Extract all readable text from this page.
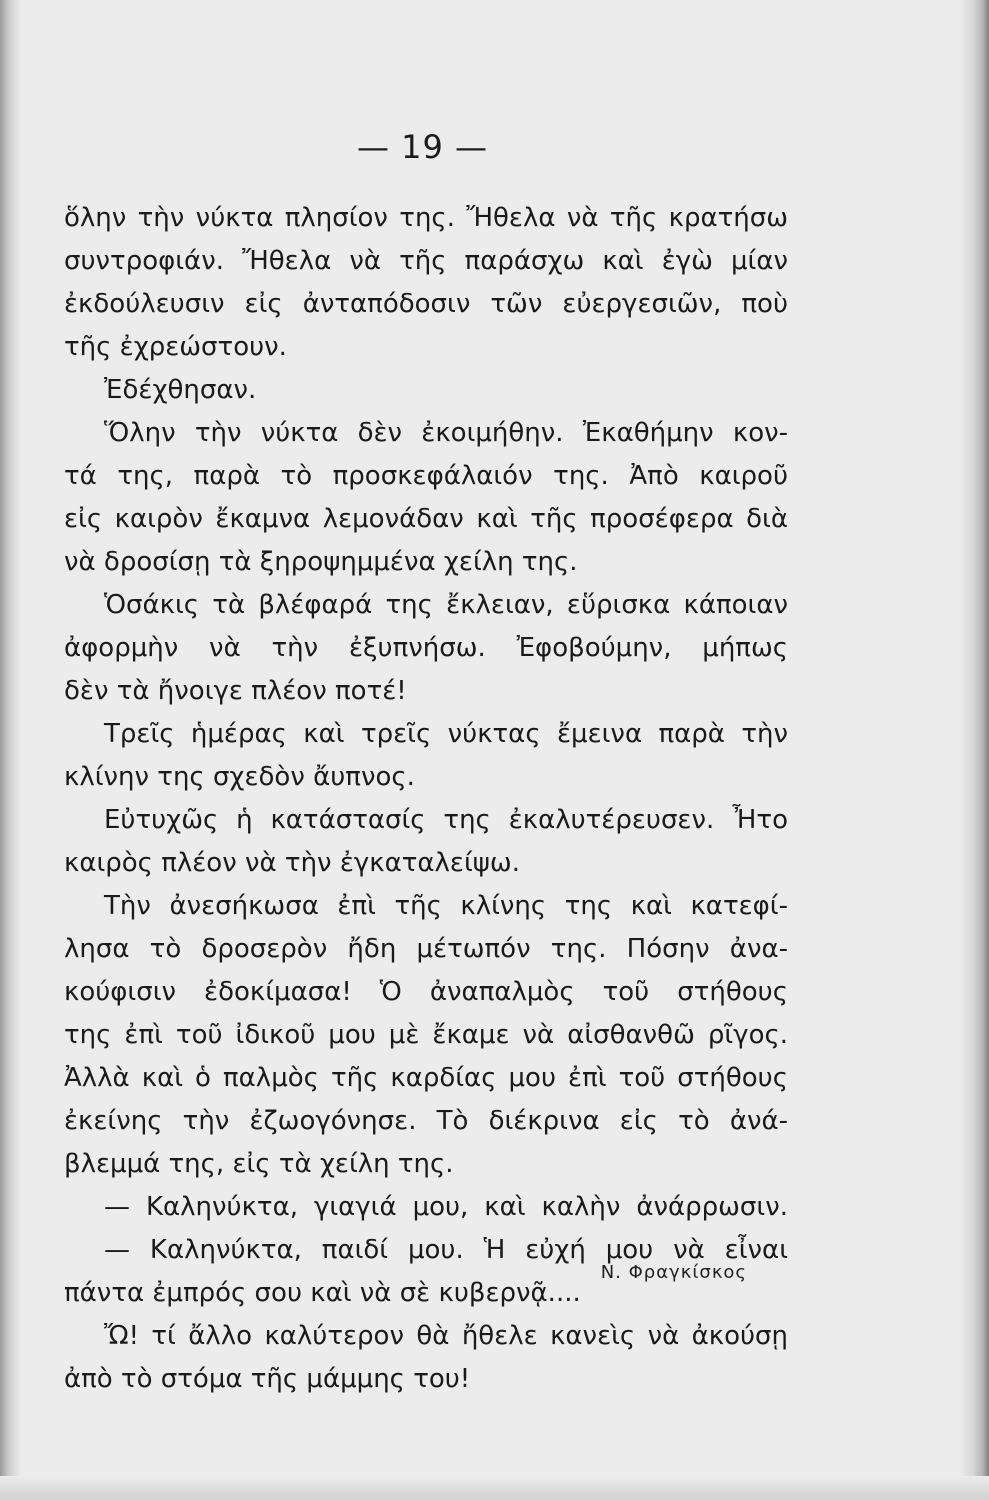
— 19 —
ὅλην τὴν νύκτα πλησίον της. Ἤθελα νὰ τῆς κρατήσω
συντροφιάν. Ἤθελα νὰ τῆς παράσχω καὶ ἐγὼ μίαν
ἐκδούλευσιν εἰς ἀνταπόδοσιν τῶν εὐεργεσιῶν, ποὺ
τῆς ἐχρεώστουν.
Ἐδέχθησαν.
Ὅλην τὴν νύκτα δὲν ἐκοιμήθην. Ἐκαθήμην κον-
τά της, παρὰ τὸ προσκεφάλαιόν της. Ἀπὸ καιροῦ
εἰς καιρὸν ἔκαμνα λεμονάδαν καὶ τῆς προσέφερα διὰ
νὰ δροσίσῃ τὰ ξηροψημμένα χείλη της.
Ὁσάκις τὰ βλέφαρά της ἔκλειαν, εὕρισκα κάποιαν
ἀφορμὴν νὰ τὴν ἐξυπνήσω. Ἐφοβούμην, μήπως
δὲν τὰ ἤνοιγε πλέον ποτέ!
Τρεῖς ἡμέρας καὶ τρεῖς νύκτας ἔμεινα παρὰ τὴν
κλίνην της σχεδὸν ἄυπνος.
Εὐτυχῶς ἡ κατάστασίς της ἐκαλυτέρευσεν. Ἦτο
καιρὸς πλέον νὰ τὴν ἐγκαταλείψω.
Τὴν ἀνεσήκωσα ἐπὶ τῆς κλίνης της καὶ κατεφί-
λησα τὸ δροσερὸν ἤδη μέτωπόν της. Πόσην ἀνα-
κούφισιν ἐδοκίμασα! Ὁ ἀναπαλμὸς τοῦ στήθους
της ἐπὶ τοῦ ἰδικοῦ μου μὲ ἔκαμε νὰ αἰσθανθῶ ρῖγος.
Ἀλλὰ καὶ ὁ παλμὸς τῆς καρδίας μου ἐπὶ τοῦ στήθους
ἐκείνης τὴν ἐζωογόνησε. Τὸ διέκρινα εἰς τὸ ἀνά-
βλεμμά της, εἰς τὰ χείλη της.
— Καληνύκτα, γιαγιά μου, καὶ καλὴν ἀνάρρωσιν.
— Καληνύκτα, παιδί μου. Ἡ εὐχή μου νὰ εἶναι
πάντα ἐμπρός σου καὶ νὰ σὲ κυβερνᾷ....
Ὤ! τί ἄλλο καλύτερον θὰ ἤθελε κανεὶς νὰ ἀκούσῃ
ἀπὸ τὸ στόμα τῆς μάμμης του!
Ν. Φραγκίσκος
